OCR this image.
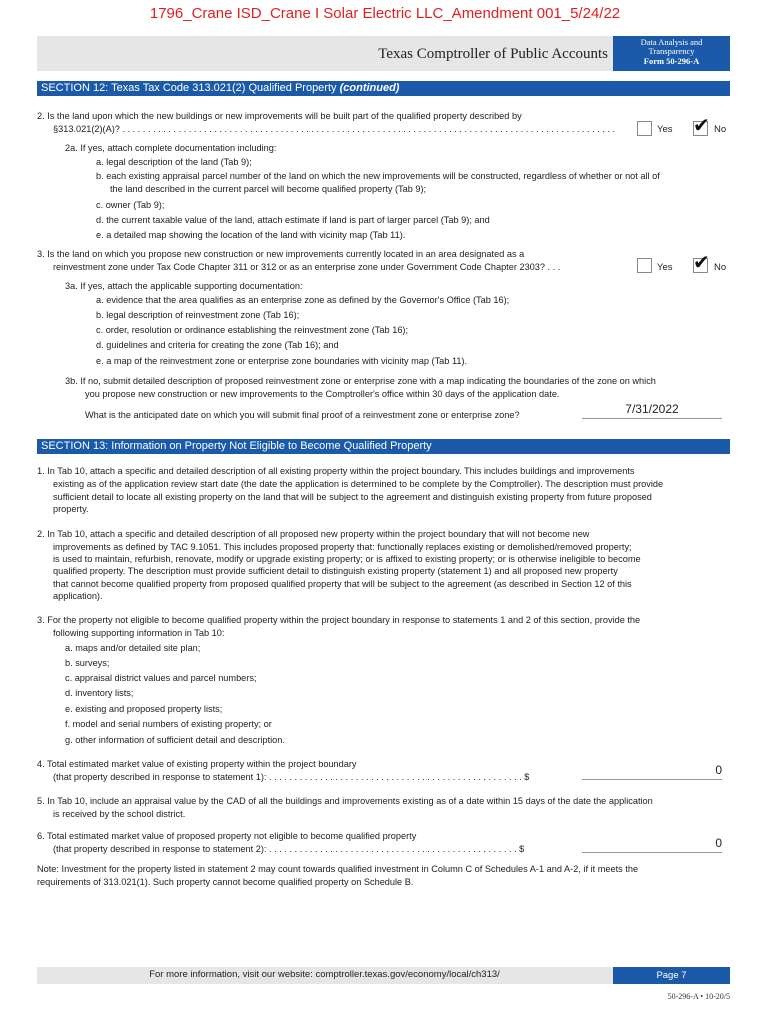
1796_Crane ISD_Crane I Solar Electric LLC_Amendment 001_5/24/22
Texas Comptroller of Public Accounts
Data Analysis and
Transparency
Form 50-296-A
SECTION 12: Texas Tax Code 313.021(2) Qualified Property (continued)
2. Is the land upon which the new buildings or new improvements will be built part of the qualified property described by
§313.021(2)(A)? . . . . . . . . . . . . . . . . . . . . . . . . . . . . . . . . . . . . . . . . . . . . . . . . . . . . . . . . . . . . . . . . . . . . . . . . . . . . . . . . . . . . . . . . . . . . . . . . .	Yes ✔ No
2a. If yes, attach complete documentation including:
a. legal description of the land (Tab 9);
b. each existing appraisal parcel number of the land on which the new improvements will be constructed, regardless of whether or not all of
the land described in the current parcel will become qualified property (Tab 9);
c. owner (Tab 9);
d. the current taxable value of the land, attach estimate if land is part of larger parcel (Tab 9); and
e. a detailed map showing the location of the land with vicinity map (Tab 11).
3. Is the land on which you propose new construction or new improvements currently located in an area designated as a
reinvestment zone under Tax Code Chapter 311 or 312 or as an enterprise zone under Government Code Chapter 2303? . . .	Yes ✔ No
3a. If yes, attach the applicable supporting documentation:
a. evidence that the area qualifies as an enterprise zone as defined by the Governor's Office (Tab 16);
b. legal description of reinvestment zone (Tab 16);
c. order, resolution or ordinance establishing the reinvestment zone (Tab 16);
d. guidelines and criteria for creating the zone (Tab 16); and
e. a map of the reinvestment zone or enterprise zone boundaries with vicinity map (Tab 11).
3b. If no, submit detailed description of proposed reinvestment zone or enterprise zone with a map indicating the boundaries of the zone on which
you propose new construction or new improvements to the Comptroller's office within 30 days of the application date.
What is the anticipated date on which you will submit final proof of a reinvestment zone or enterprise zone?	7/31/2022
SECTION 13: Information on Property Not Eligible to Become Qualified Property
1. In Tab 10, attach a specific and detailed description of all existing property within the project boundary. This includes buildings and improvements
existing as of the application review start date (the date the application is determined to be complete by the Comptroller). The description must provide
sufficient detail to locate all existing property on the land that will be subject to the agreement and distinguish existing property from future proposed
property.
2. In Tab 10, attach a specific and detailed description of all proposed new property within the project boundary that will not become new
improvements as defined by TAC 9.1051. This includes proposed property that: functionally replaces existing or demolished/removed property;
is used to maintain, refurbish, renovate, modify or upgrade existing property; or is affixed to existing property; or is otherwise ineligible to become
qualified property. The description must provide sufficient detail to distinguish existing property (statement 1) and all proposed new property
that cannot become qualified property from proposed qualified property that will be subject to the agreement (as described in Section 12 of this
application).
3. For the property not eligible to become qualified property within the project boundary in response to statements 1 and 2 of this section, provide the
following supporting information in Tab 10:
a. maps and/or detailed site plan;
b. surveys;
c. appraisal district values and parcel numbers;
d. inventory lists;
e. existing and proposed property lists;
f. model and serial numbers of existing property; or
g. other information of sufficient detail and description.
4. Total estimated market value of existing property within the project boundary
(that property described in response to statement 1): . . . . . . . . . . . . . . . . . . . . . . . . . . . . . . . . . . . . . . . . . . . . . . . . . . $	0
5. In Tab 10, include an appraisal value by the CAD of all the buildings and improvements existing as of a date within 15 days of the date the application
is received by the school district.
6. Total estimated market value of proposed property not eligible to become qualified property
(that property described in response to statement 2): . . . . . . . . . . . . . . . . . . . . . . . . . . . . . . . . . . . . . . . . . . . . . . . . . $	0
Note: Investment for the property listed in statement 2 may count towards qualified investment in Column C of Schedules A-1 and A-2, if it meets the
requirements of 313.021(1). Such property cannot become qualified property on Schedule B.
For more information, visit our website: comptroller.texas.gov/economy/local/ch313/	Page 7
50-296-A • 10-20/5
